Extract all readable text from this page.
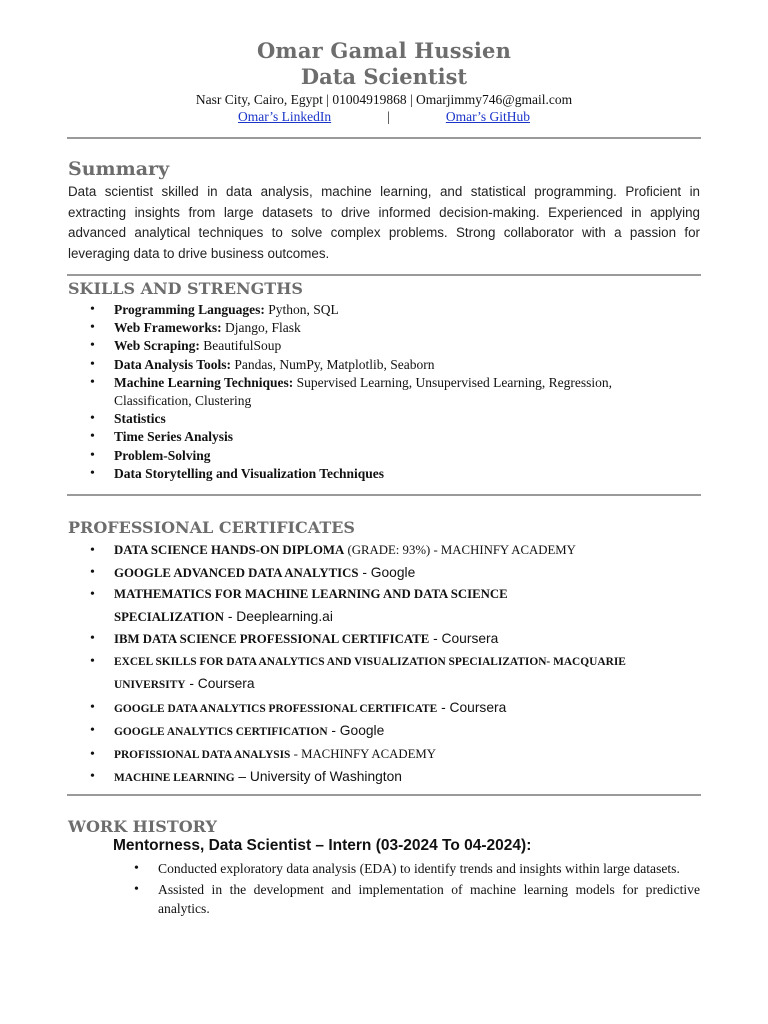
Omar Gamal Hussien
Data Scientist
Nasr City, Cairo, Egypt | 01004919868 | Omarjimmy746@gmail.com
Omar’s LinkedIn	|	Omar’s GitHub
Summary
Data scientist skilled in data analysis, machine learning, and statistical programming. Proficient in extracting insights from large datasets to drive informed decision-making. Experienced in applying advanced analytical techniques to solve complex problems. Strong collaborator with a passion for leveraging data to drive business outcomes.
SKILLS AND STRENGTHS
• Programming Languages: Python, SQL
• Web Frameworks: Django, Flask
• Web Scraping: BeautifulSoup
• Data Analysis Tools: Pandas, NumPy, Matplotlib, Seaborn
• Machine Learning Techniques: Supervised Learning, Unsupervised Learning, Regression, Classification, Clustering
• Statistics
• Time Series Analysis
• Problem-Solving
• Data Storytelling and Visualization Techniques
PROFESSIONAL CERTIFICATES
• DATA SCIENCE HANDS-ON DIPLOMA (GRADE: 93%) - MACHINFY ACADEMY
• GOOGLE ADVANCED DATA ANALYTICS - Google
• MATHEMATICS FOR MACHINE LEARNING AND DATA SCIENCE SPECIALIZATION - Deeplearning.ai
• IBM DATA SCIENCE PROFESSIONAL CERTIFICATE - Coursera
• EXCEL SKILLS FOR DATA ANALYTICS AND VISUALIZATION SPECIALIZATION- MACQUARIE UNIVERSITY - Coursera
• GOOGLE DATA ANALYTICS PROFESSIONAL CERTIFICATE - Coursera
• GOOGLE ANALYTICS CERTIFICATION - Google
• PROFISSIONAL DATA ANALYSIS - MACHINFY ACADEMY
• MACHINE LEARNING – University of Washington
WORK HISTORY
Mentorness, Data Scientist – Intern (03-2024 To 04-2024):
• Conducted exploratory data analysis (EDA) to identify trends and insights within large datasets.
• Assisted in the development and implementation of machine learning models for predictive analytics.
